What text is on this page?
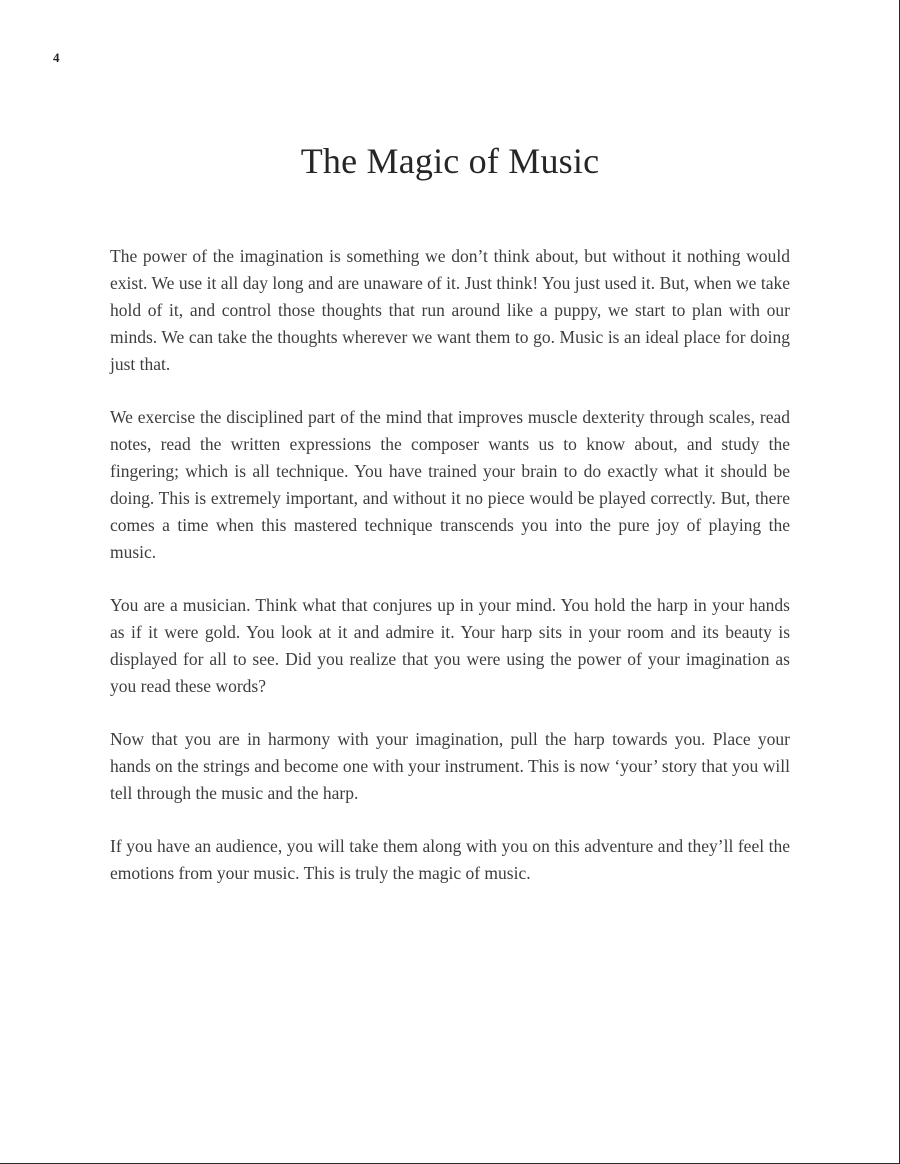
4
The Magic of Music

The power of the imagination is something we don’t think about, but without it nothing would exist. We use it all day long and are unaware of it. Just think! You just used it. But, when we take hold of it, and control those thoughts that run around like a puppy, we start to plan with our minds. We can take the thoughts wherever we want them to go. Music is an ideal place for doing just that.

We exercise the disciplined part of the mind that improves muscle dexterity through scales, read notes, read the written expressions the composer wants us to know about, and study the fingering; which is all technique. You have trained your brain to do exactly what it should be doing. This is extremely important, and without it no piece would be played correctly. But, there comes a time when this mastered technique transcends you into the pure joy of playing the music.

You are a musician. Think what that conjures up in your mind. You hold the harp in your hands as if it were gold. You look at it and admire it. Your harp sits in your room and its beauty is displayed for all to see. Did you realize that you were using the power of your imagination as you read these words?

Now that you are in harmony with your imagination, pull the harp towards you. Place your hands on the strings and become one with your instrument. This is now ‘your’ story that you will tell through the music and the harp.

If you have an audience, you will take them along with you on this adventure and they’ll feel the emotions from your music. This is truly the magic of music.
